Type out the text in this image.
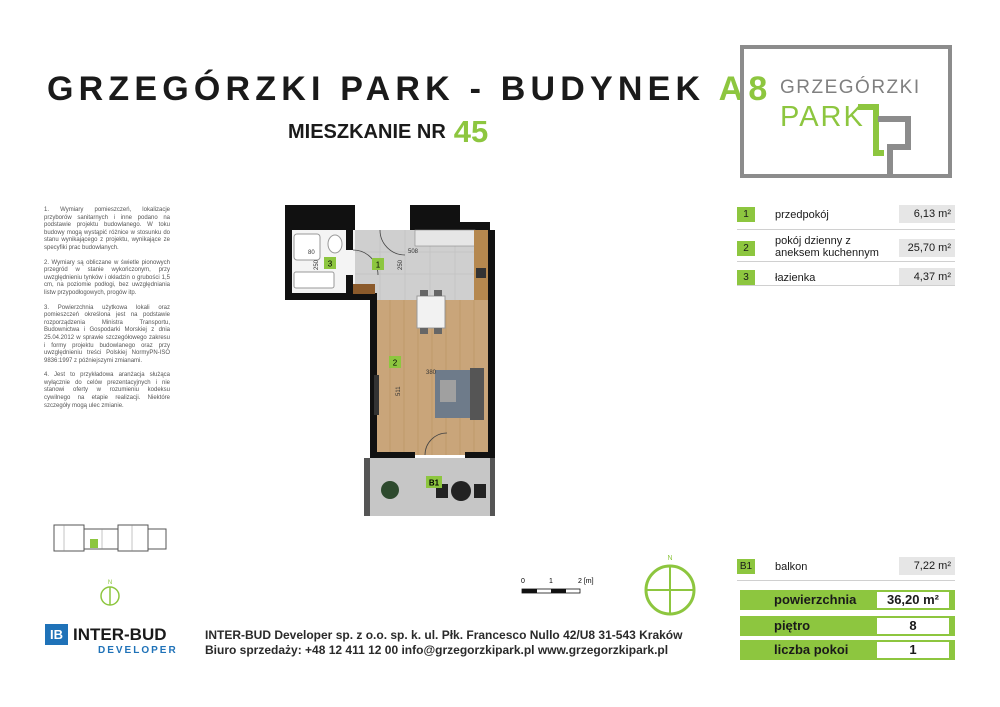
GRZEGÓRZKI PARK - BUDYNEK A8
MIESZKANIE NR 45
GRZEGÓRZKI
PARK

1. Wymiary pomieszczeń, lokalizacje przyborów sanitarnych i inne podano na podstawie projektu budowlanego. W toku budowy mogą wystąpić różnice w stosunku do stanu wynikającego z projektu, wynikające ze specyfiki prac budowlanych.

2. Wymiary są obliczane w świetle pionowych przegród w stanie wykończonym, przy uwzględnieniu tynków i okładzin o grubości 1,5 cm, na poziomie podłogi, bez uwzględniania listw przypodłogowych, progów itp.

3. Powierzchnia użytkowa lokali oraz pomieszczeń określona jest na podstawie rozporządzenia Ministra Transportu, Budownictwa i Gospodarki Morskiej z dnia 25.04.2012 w sprawie szczegółowego zakresu i formy projektu budowlanego oraz przy uwzględnieniu treści Polskiej NormyPN-ISO 9836:1997 z późniejszymi zmianami.

4. Jest to przykładowa aranżacja służąca wyłącznie do celów prezentacyjnych i nie stanowi oferty w rozumieniu kodeksu cywilnego na etapie realizacji. Niektóre szczegóły mogą ulec zmianie.

3	1
2
B1
80
250	250
508
380
511
1	przedpokój	6,13 m²
2
pokój dzienny z
aneksem kuchennym	25,70 m²
3	łazienka	4,37 m²
B1 balkon	7,22 m²
powierzchnia	36,20 m²
piętro	8
liczba pokoi	1
0	1	2 [m]
N
N
IB INTER-BUD
DEVELOPER
INTER-BUD Developer sp. z o.o. sp. k. ul. Płk. Francesco Nullo 42/U8 31-543 Kraków
Biuro sprzedaży: +48 12 411 12 00 info@grzegorzkipark.pl www.grzegorzkipark.pl
